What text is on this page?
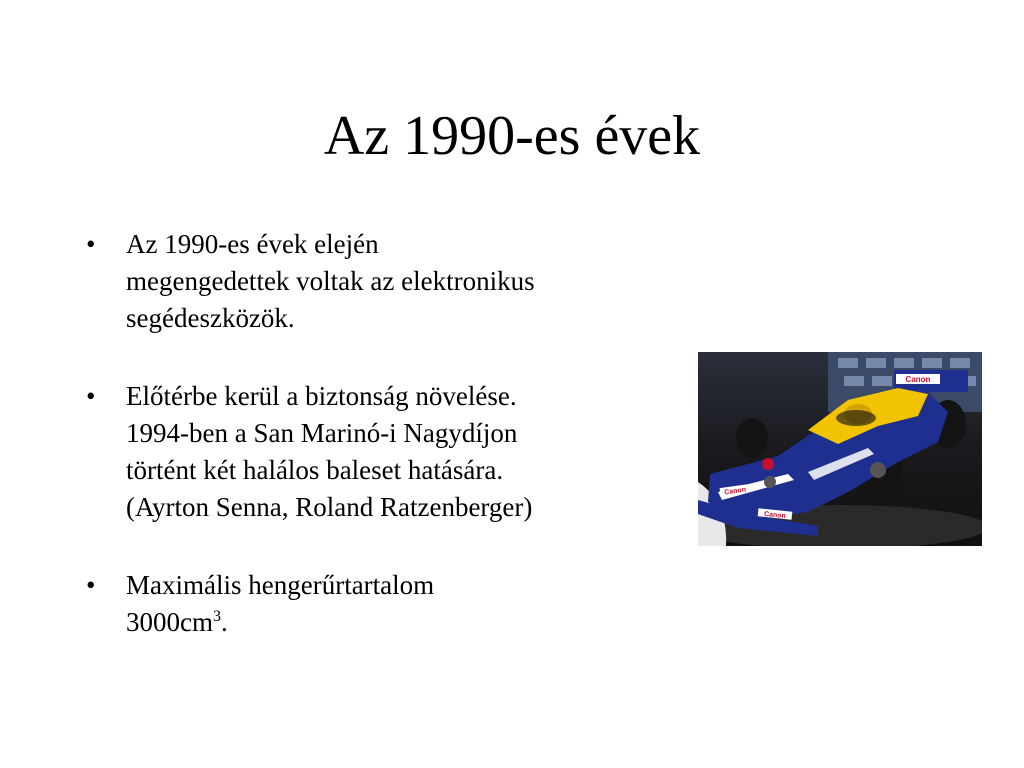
Az 1990-es évek
•	Az 1990-es évek elején
megengedettek voltak az elektronikus
segédeszközök.
•	Előtérbe kerül a biztonság növelése.
1994-ben a San Marinó-i Nagydíjon
történt két halálos baleset hatására.
(Ayrton Senna, Roland Ratzenberger)
•	Maximális hengerűrtartalom
$3000cm^3$.
Canon
Canon
Canon
